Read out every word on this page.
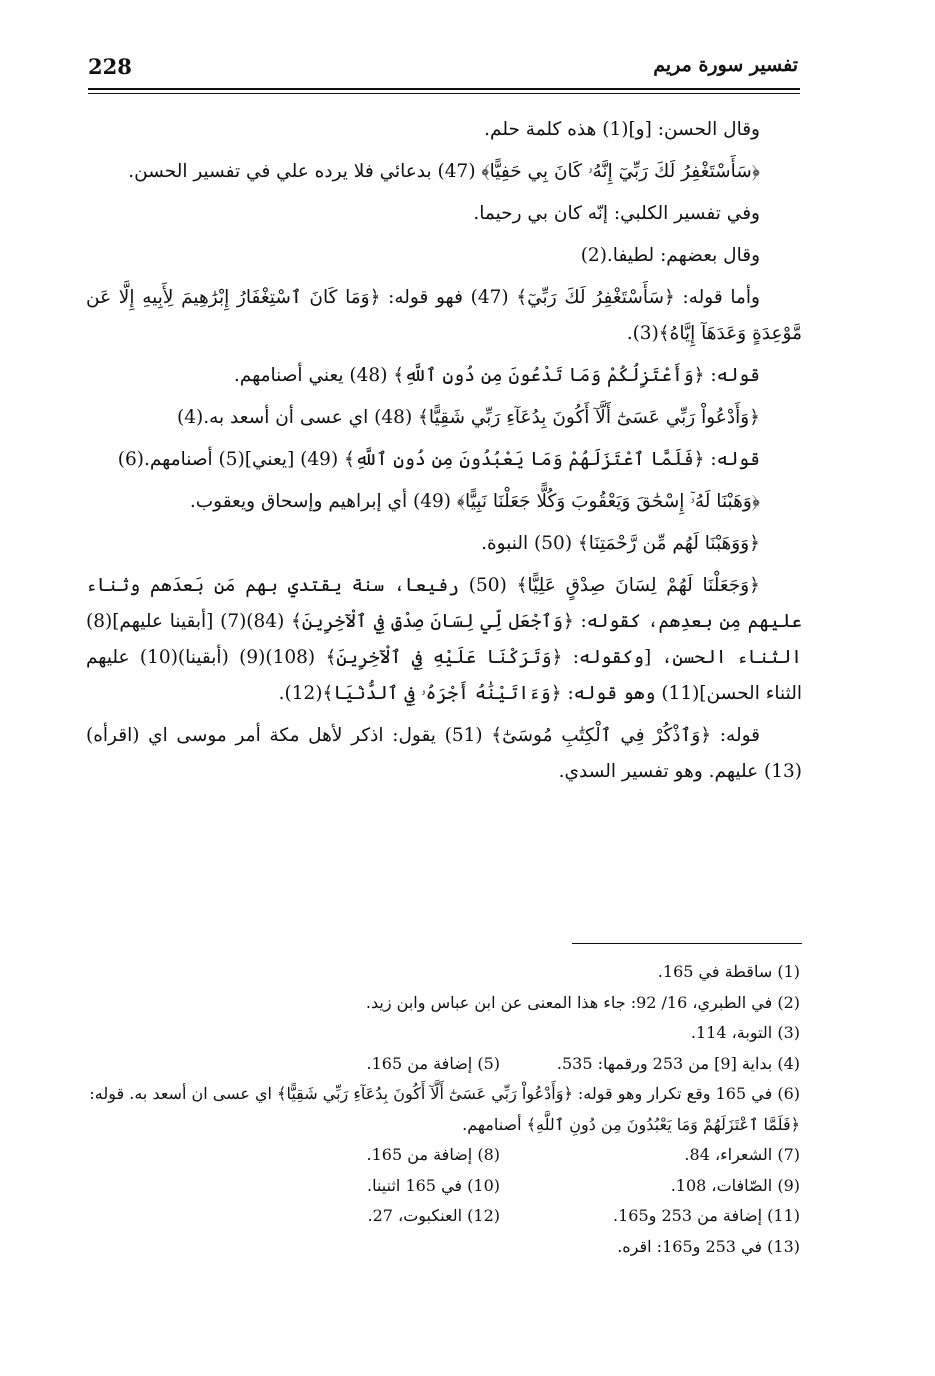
228	تفسير سورة مريم

وقال الحسن: [و](1) هذه كلمة حلم.

﴿سَأَسْتَغْفِرُ لَكَ رَبِّيٓ إِنَّهُۥ كَانَ بِي حَفِيًّا﴾ (47) بدعائي فلا يرده علي في تفسير الحسن.

وفي تفسير الكلبي: إنّه كان بي رحيما.

وقال بعضهم: لطيفا.(2)

وأما قوله: ﴿سَأَسْتَغْفِرُ لَكَ رَبِّيٓ﴾ (47) فهو قوله: ﴿وَمَا كَانَ ٱسْتِغْفَارُ إِبْرَٰهِيمَ لِأَبِيهِ إِلَّا عَن مَّوْعِدَةٍ وَعَدَهَآ إِيَّاهُ﴾(3).

قوله: ﴿وَأَعْتَزِلُكُمْ وَمَا تَدْعُونَ مِن دُونِ ٱللَّهِ﴾ (48) يعني أصنامهم.

﴿وَأَدْعُواْ رَبِّي عَسَىٰٓ أَلَّآ أَكُونَ بِدُعَآءِ رَبِّي شَقِيًّا﴾ (48) اي عسى أن أسعد به.(4)

قوله: ﴿فَلَمَّا ٱعْتَزَلَهُمْ وَمَا يَعْبُدُونَ مِن دُونِ ٱللَّهِ﴾ (49) [يعني](5) أصنامهم.(6)

﴿وَهَبْنَا لَهُۥٓ إِسْحَٰقَ وَيَعْقُوبَ وَكُلًّا جَعَلْنَا نَبِيًّا﴾ (49) أي إبراهيم وإسحاق ويعقوب.

﴿وَوَهَبْنَا لَهُم مِّن رَّحْمَتِنَا﴾ (50) النبوة.

﴿وَجَعَلْنَا لَهُمْ لِسَانَ صِدْقٍ عَلِيًّا﴾ (50) رفيعا، سنة يقتدي بهم مَن بَعدَهم وثناء عليهم مِن بعدِهم، كقوله: ﴿وَٱجْعَل لِّي لِسَانَ صِدْقٍ فِي ٱلْآخِرِينَ﴾ (84)(7) [أبقينا عليهم](8) الثناء الحسن، [وكقوله: ﴿وَتَرَكْنَا عَلَيْهِ فِي ٱلْآخِرِينَ﴾ (108)(9) (أبقينا)(10) عليهم الثناء الحسن](11) وهو قوله: ﴿وَءَاتَيْنَٰهُ أَجْرَهُۥ فِي ٱلدُّنْيَا﴾(12).

قوله: ﴿وَٱذْكُرْ فِي ٱلْكِتَٰبِ مُوسَىٰٓ﴾ (51) يقول: اذكر لأهل مكة أمر موسى اي (اقرأه)(13) عليهم. وهو تفسير السدي.

(1) ساقطة في 165.

(2) في الطبري، 16/ 92: جاء هذا المعنى عن ابن عباس وابن زيد.

(3) التوبة، 114.

(4) بداية [9] من 253 ورقمها: 535.
(5) إضافة من 165.

(6) في 165 وقع تكرار وهو قوله: ﴿وَأَدْعُواْ رَبِّي عَسَىٰٓ أَلَّآ أَكُونَ بِدُعَآءِ رَبِّي شَقِيًّا﴾ اي عسى ان أسعد به. قوله: ﴿فَلَمَّا ٱعْتَزَلَهُمْ وَمَا يَعْبُدُونَ مِن دُونِ ٱللَّهِ﴾ أصنامهم.

(7) الشعراء، 84.
(8) إضافة من 165.
(9) الصّافات، 108.
(10) في 165 اثنينا.
(11) إضافة من 253 و165.
(12) العنكبوت، 27.

(13) في 253 و165: اقره.
